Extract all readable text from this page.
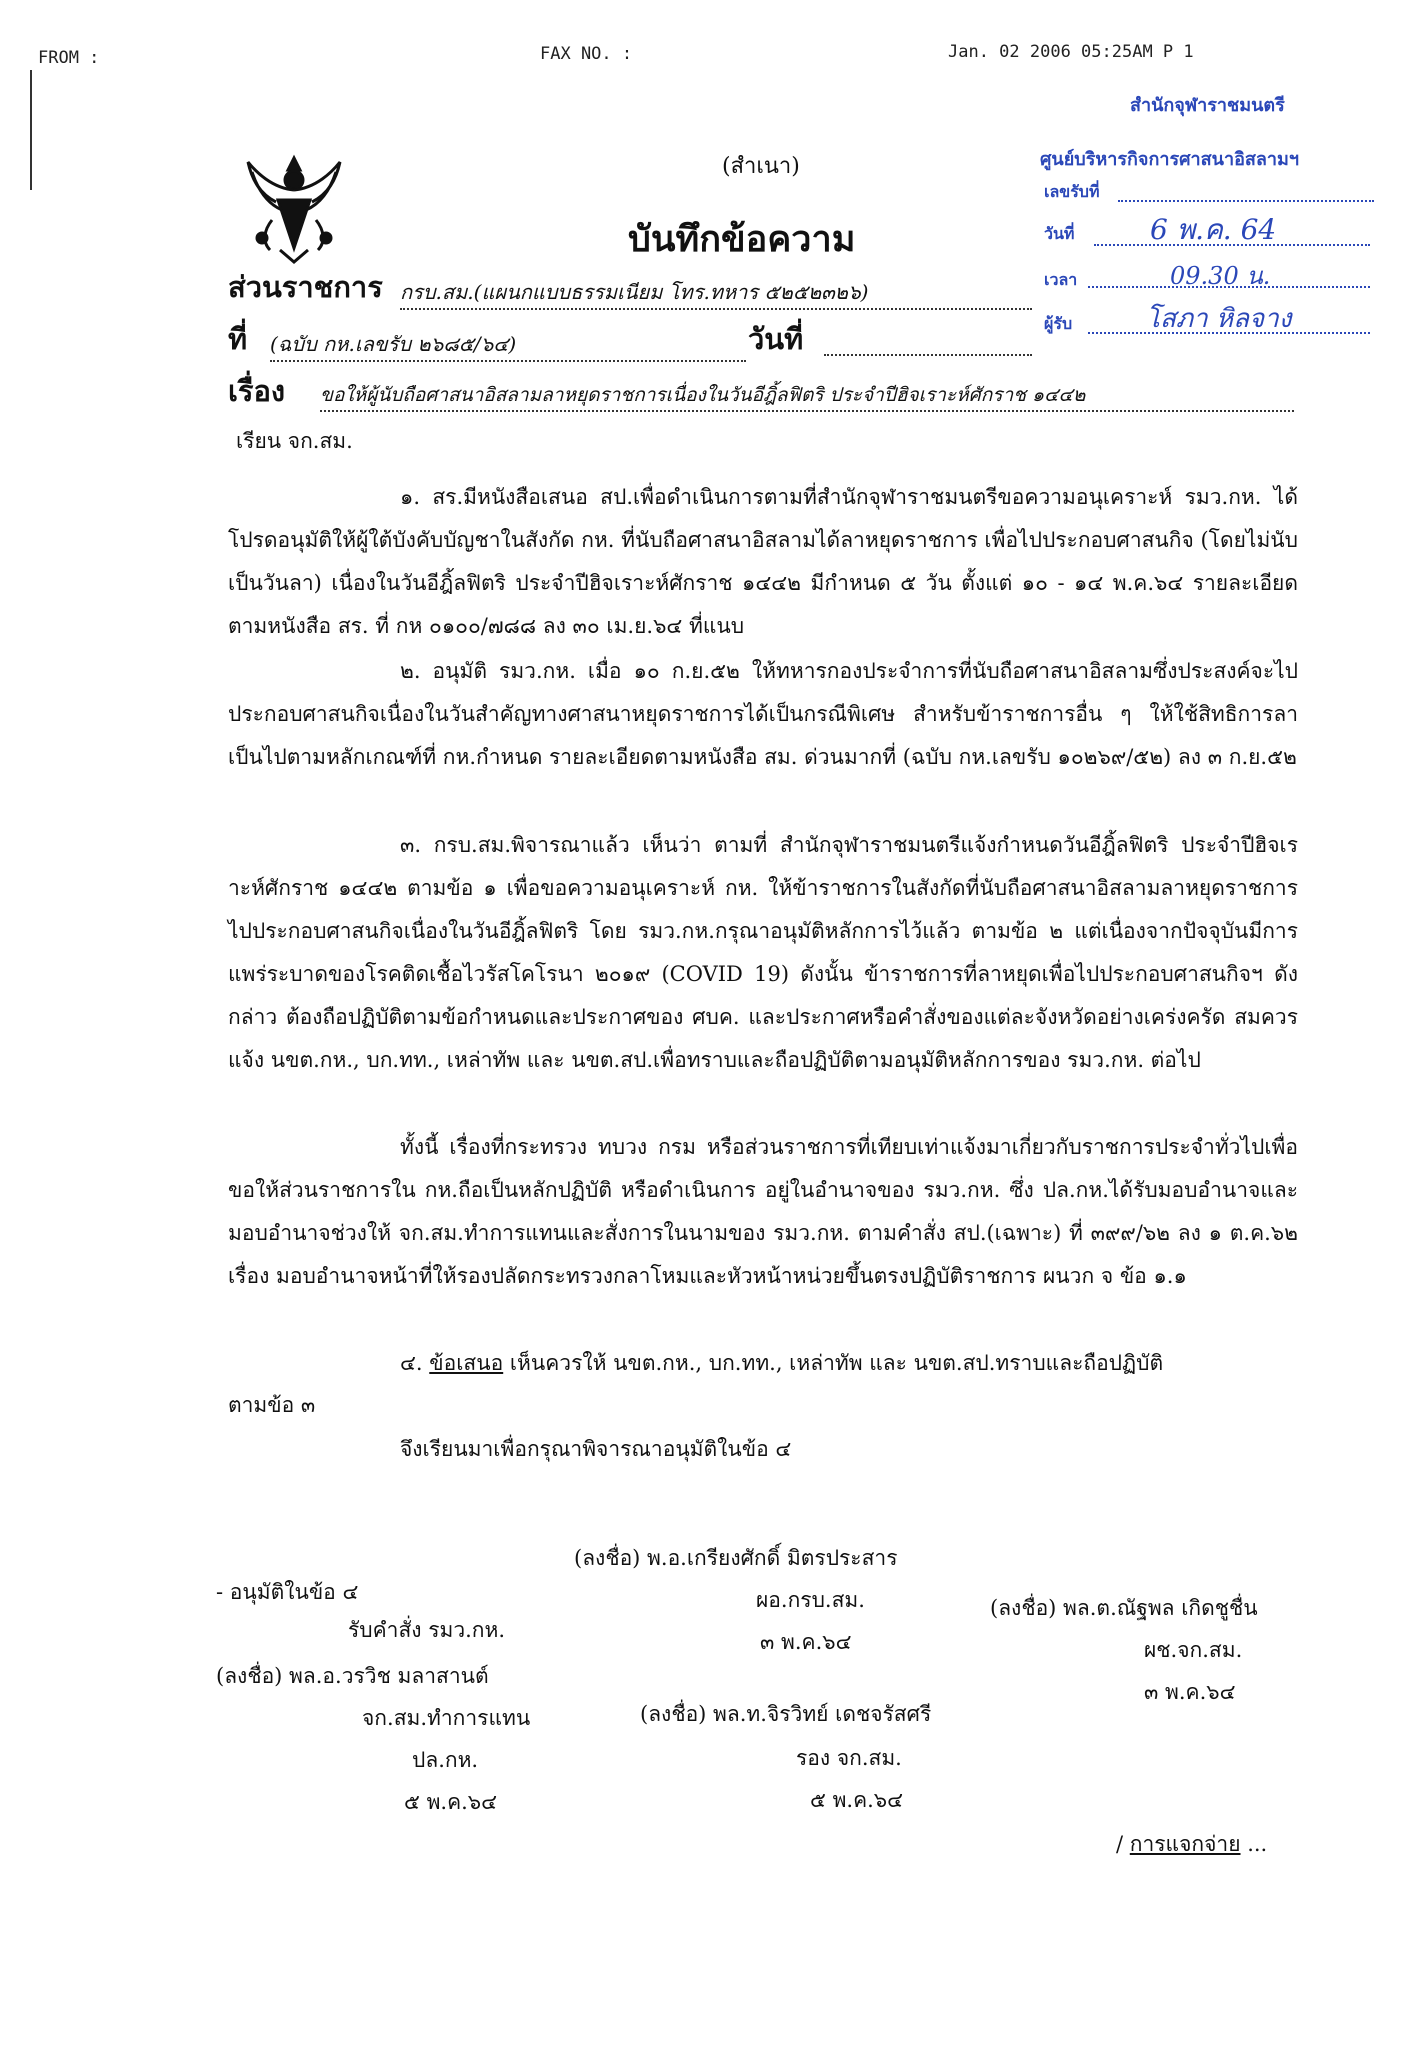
FROM :	FAX NO. :	Jan. 02 2006 05:25AM P 1
(สำเนา)
บันทึกข้อความ
สำนักจุฬาราชมนตรี
ศูนย์บริหารกิจการศาสนาอิสลามฯ
เลขรับที่
วันที่	6 พ.ค. 64
เวลา	09.30 น.
ผู้รับ	โสภา หิลจาง
ส่วนราชการ กรบ.สม.(แผนกแบบธรรมเนียม โทร.ทหาร ๕๒๕๒๓๒๖)
ที่ (ฉบับ กห.เลขรับ ๒๖๘๕/๖๔)	วันที่
เรื่อง ขอให้ผู้นับถือศาสนาอิสลามลาหยุดราชการเนื่องในวันอีฎิ้ลฟิตริ ประจำปีฮิจเราะห์ศักราช ๑๔๔๒
เรียน จก.สม.

๑. สร.มีหนังสือเสนอ สป.เพื่อดำเนินการตามที่สำนักจุฬาราชมนตรีขอความอนุเคราะห์ รมว.กห. ได้โปรดอนุมัติให้ผู้ใต้บังคับบัญชาในสังกัด กห. ที่นับถือศาสนาอิสลามได้ลาหยุดราชการ เพื่อไปประกอบศาสนกิจ (โดยไม่นับเป็นวันลา) เนื่องในวันอีฎิ้ลฟิตริ ประจำปีฮิจเราะห์ศักราช ๑๔๔๒ มีกำหนด ๕ วัน ตั้งแต่ ๑๐ - ๑๔ พ.ค.๖๔ รายละเอียดตามหนังสือ สร. ที่ กห ๐๑๐๐/๗๘๘ ลง ๓๐ เม.ย.๖๔ ที่แนบ

๒. อนุมัติ รมว.กห. เมื่อ ๑๐ ก.ย.๕๒ ให้ทหารกองประจำการที่นับถือศาสนาอิสลามซึ่งประสงค์จะไปประกอบศาสนกิจเนื่องในวันสำคัญทางศาสนาหยุดราชการได้เป็นกรณีพิเศษ สำหรับข้าราชการอื่น ๆ ให้ใช้สิทธิการลาเป็นไปตามหลักเกณฑ์ที่ กห.กำหนด รายละเอียดตามหนังสือ สม. ด่วนมากที่ (ฉบับ กห.เลขรับ ๑๐๒๖๙/๕๒) ลง ๓ ก.ย.๕๒

๓. กรบ.สม.พิจารณาแล้ว เห็นว่า ตามที่ สำนักจุฬาราชมนตรีแจ้งกำหนดวันอีฎิ้ลฟิตริ ประจำปีฮิจเราะห์ศักราช ๑๔๔๒ ตามข้อ ๑ เพื่อขอความอนุเคราะห์ กห. ให้ข้าราชการในสังกัดที่นับถือศาสนาอิสลามลาหยุดราชการไปประกอบศาสนกิจเนื่องในวันอีฎิ้ลฟิตริ โดย รมว.กห.กรุณาอนุมัติหลักการไว้แล้ว ตามข้อ ๒ แต่เนื่องจากปัจจุบันมีการแพร่ระบาดของโรคติดเชื้อไวรัสโคโรนา ๒๐๑๙ (COVID 19) ดังนั้น ข้าราชการที่ลาหยุดเพื่อไปประกอบศาสนกิจฯ ดังกล่าว ต้องถือปฏิบัติตามข้อกำหนดและประกาศของ ศบค. และประกาศหรือคำสั่งของแต่ละจังหวัดอย่างเคร่งครัด สมควรแจ้ง นขต.กห., บก.ทท., เหล่าทัพ และ นขต.สป.เพื่อทราบและถือปฏิบัติตามอนุมัติหลักการของ รมว.กห. ต่อไป

ทั้งนี้ เรื่องที่กระทรวง ทบวง กรม หรือส่วนราชการที่เทียบเท่าแจ้งมาเกี่ยวกับราชการประจำทั่วไปเพื่อขอให้ส่วนราชการใน กห.ถือเป็นหลักปฏิบัติ หรือดำเนินการ อยู่ในอำนาจของ รมว.กห. ซึ่ง ปล.กห.ได้รับมอบอำนาจและมอบอำนาจช่วงให้ จก.สม.ทำการแทนและสั่งการในนามของ รมว.กห. ตามคำสั่ง สป.(เฉพาะ) ที่ ๓๙๙/๖๒ ลง ๑ ต.ค.๖๒ เรื่อง มอบอำนาจหน้าที่ให้รองปลัดกระทรวงกลาโหมและหัวหน้าหน่วยขึ้นตรงปฏิบัติราชการ ผนวก จ ข้อ ๑.๑

๔. ข้อเสนอ เห็นควรให้ นขต.กห., บก.ทท., เหล่าทัพ และ นขต.สป.ทราบและถือปฏิบัติ
ตามข้อ ๓
จึงเรียนมาเพื่อกรุณาพิจารณาอนุมัติในข้อ ๔
- อนุมัติในข้อ ๔
รับคำสั่ง รมว.กห.
(ลงชื่อ) พล.อ.วรวิช มลาสานต์
จก.สม.ทำการแทน
ปล.กห.
๕ พ.ค.๖๔
(ลงชื่อ) พ.อ.เกรียงศักดิ์ มิตรประสาร
ผอ.กรบ.สม.
๓ พ.ค.๖๔
(ลงชื่อ) พล.ท.จิรวิทย์ เดชจรัสศรี
รอง จก.สม.
๕ พ.ค.๖๔
(ลงชื่อ) พล.ต.ณัฐพล เกิดชูชื่น
ผช.จก.สม.
๓ พ.ค.๖๔
/ การแจกจ่าย ...
